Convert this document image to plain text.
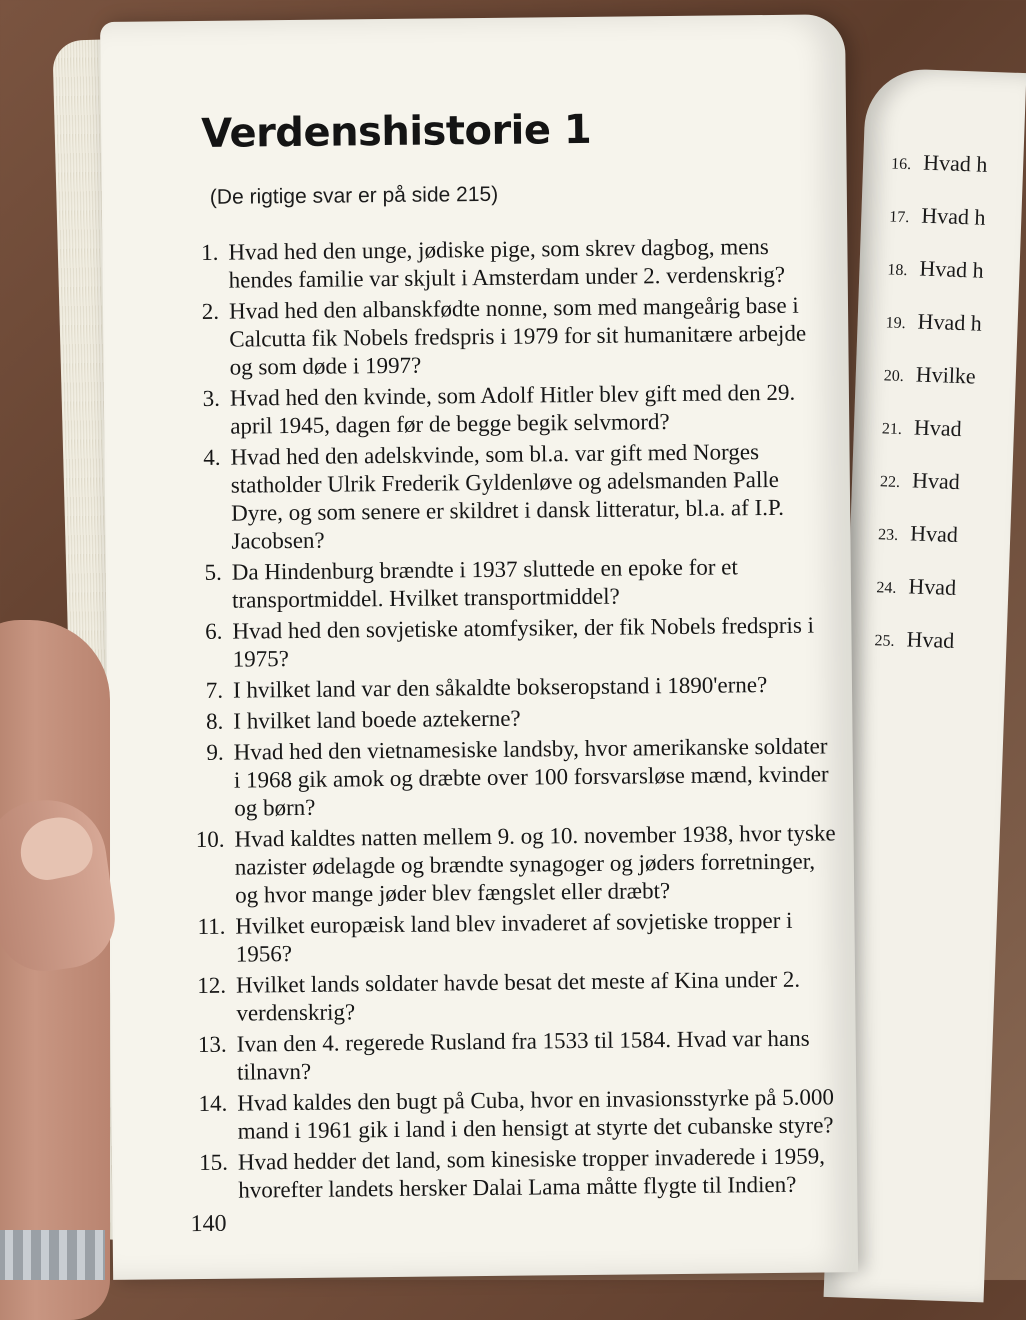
16. Hvad h
17. Hvad h
18. Hvad h
19. Hvad h
20. Hvilke
21. Hvad
22. Hvad
23. Hvad
24. Hvad
25. Hvad
Verdenshistorie 1
(De rigtige svar er på side 215)
1. Hvad hed den unge, jødiske pige, som skrev dagbog, mens hendes familie var skjult i Amsterdam under 2. verdenskrig?
2. Hvad hed den albanskfødte nonne, som med mangeårig base i Calcutta fik Nobels fredspris i 1979 for sit humanitære arbejde og som døde i 1997?
3. Hvad hed den kvinde, som Adolf Hitler blev gift med den 29. april 1945, dagen før de begge begik selvmord?
4. Hvad hed den adelskvinde, som bl.a. var gift med Norges statholder Ulrik Frederik Gyldenløve og adelsmanden Palle Dyre, og som senere er skildret i dansk litteratur, bl.a. af I.P. Jacobsen?
5. Da Hindenburg brændte i 1937 sluttede en epoke for et transportmiddel. Hvilket transportmiddel?
6. Hvad hed den sovjetiske atomfysiker, der fik Nobels fredspris i 1975?
7. I hvilket land var den såkaldte bokseropstand i 1890'erne?
8. I hvilket land boede aztekerne?
9. Hvad hed den vietnamesiske landsby, hvor amerikanske soldater i 1968 gik amok og dræbte over 100 forsvarsløse mænd, kvinder og børn?
10. Hvad kaldtes natten mellem 9. og 10. november 1938, hvor tyske nazister ødelagde og brændte synagoger og jøders forretninger, og hvor mange jøder blev fængslet eller dræbt?
11. Hvilket europæisk land blev invaderet af sovjetiske tropper i 1956?
12. Hvilket lands soldater havde besat det meste af Kina under 2. verdenskrig?
13. Ivan den 4. regerede Rusland fra 1533 til 1584. Hvad var hans tilnavn?
14. Hvad kaldes den bugt på Cuba, hvor en invasionsstyrke på 5.000 mand i 1961 gik i land i den hensigt at styrte det cubanske styre?
15. Hvad hedder det land, som kinesiske tropper invaderede i 1959, hvorefter landets hersker Dalai Lama måtte flygte til Indien?
140
